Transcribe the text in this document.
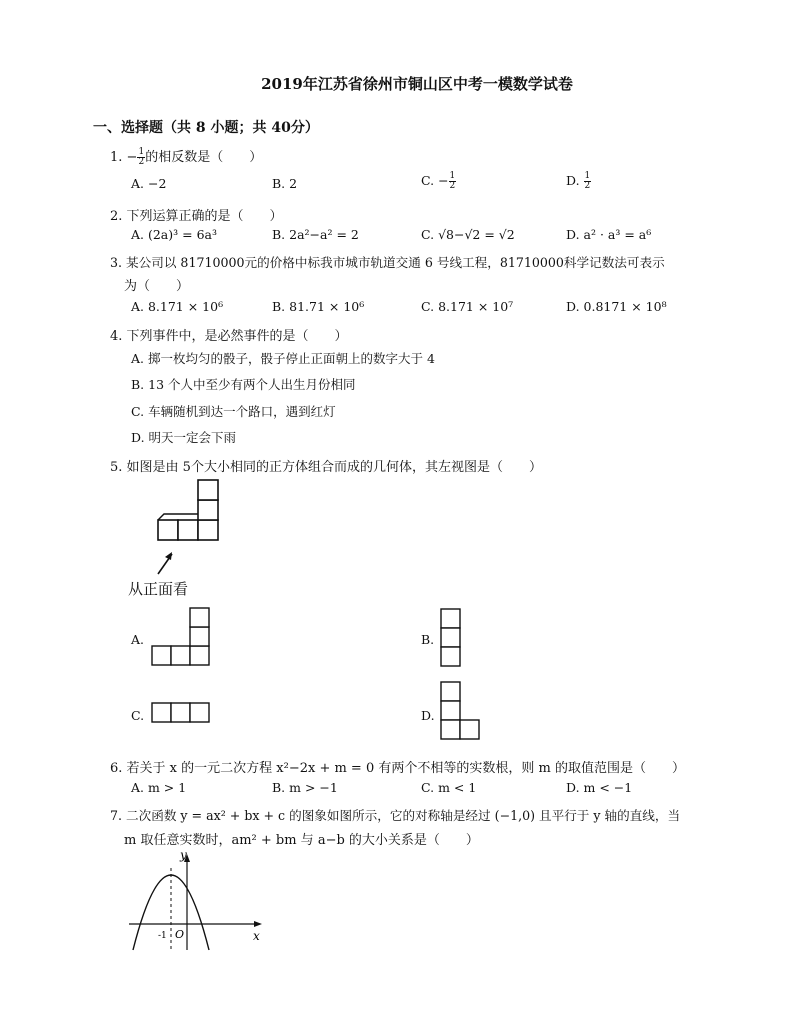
2019年江苏省徐州市铜山区中考一模数学试卷
一、选择题（共 8 小题；共 40分）
1. − $\frac{1}{2}$ 的相反数是（　　）
A. −2	B. 2	C. − $\frac{1}{2}$	D. $\frac{1}{2}$
2. 下列运算正确的是（　　）
A. (2a)³ = 6a³	B. 2a²−a² = 2	C. √8−√2 = √2	D. a² · a³ = a⁶
3. 某公司以 81710000元的价格中标我市城市轨道交通 6 号线工程，81710000科学记数法可表示
为（　　）
A. 8.171 × 10⁶	B. 81.71 × 10⁶	C. 8.171 × 10⁷	D. 0.8171 × 10⁸
4. 下列事件中，是必然事件的是（　　）
A. 掷一枚均匀的骰子，骰子停止正面朝上的数字大于 4
B. 13 个人中至少有两个人出生月份相同
C. 车辆随机到达一个路口，遇到红灯
D. 明天一定会下雨
5. 如图是由 5个大小相同的正方体组合而成的几何体，其左视图是（　　）
从正面看
A.	B.
C.	D.
6. 若关于 x 的一元二次方程 x²−2x + m = 0 有两个不相等的实数根，则 m 的取值范围是（　　）
A. m > 1	B. m > −1	C. m < 1	D. m < −1
7. 二次函数 y = ax² + bx + c 的图象如图所示，它的对称轴是经过 (−1,0) 且平行于 y 轴的直线，当
m 取任意实数时，am² + bm 与 a−b 的大小关系是（　　）
y
x
O
-1
